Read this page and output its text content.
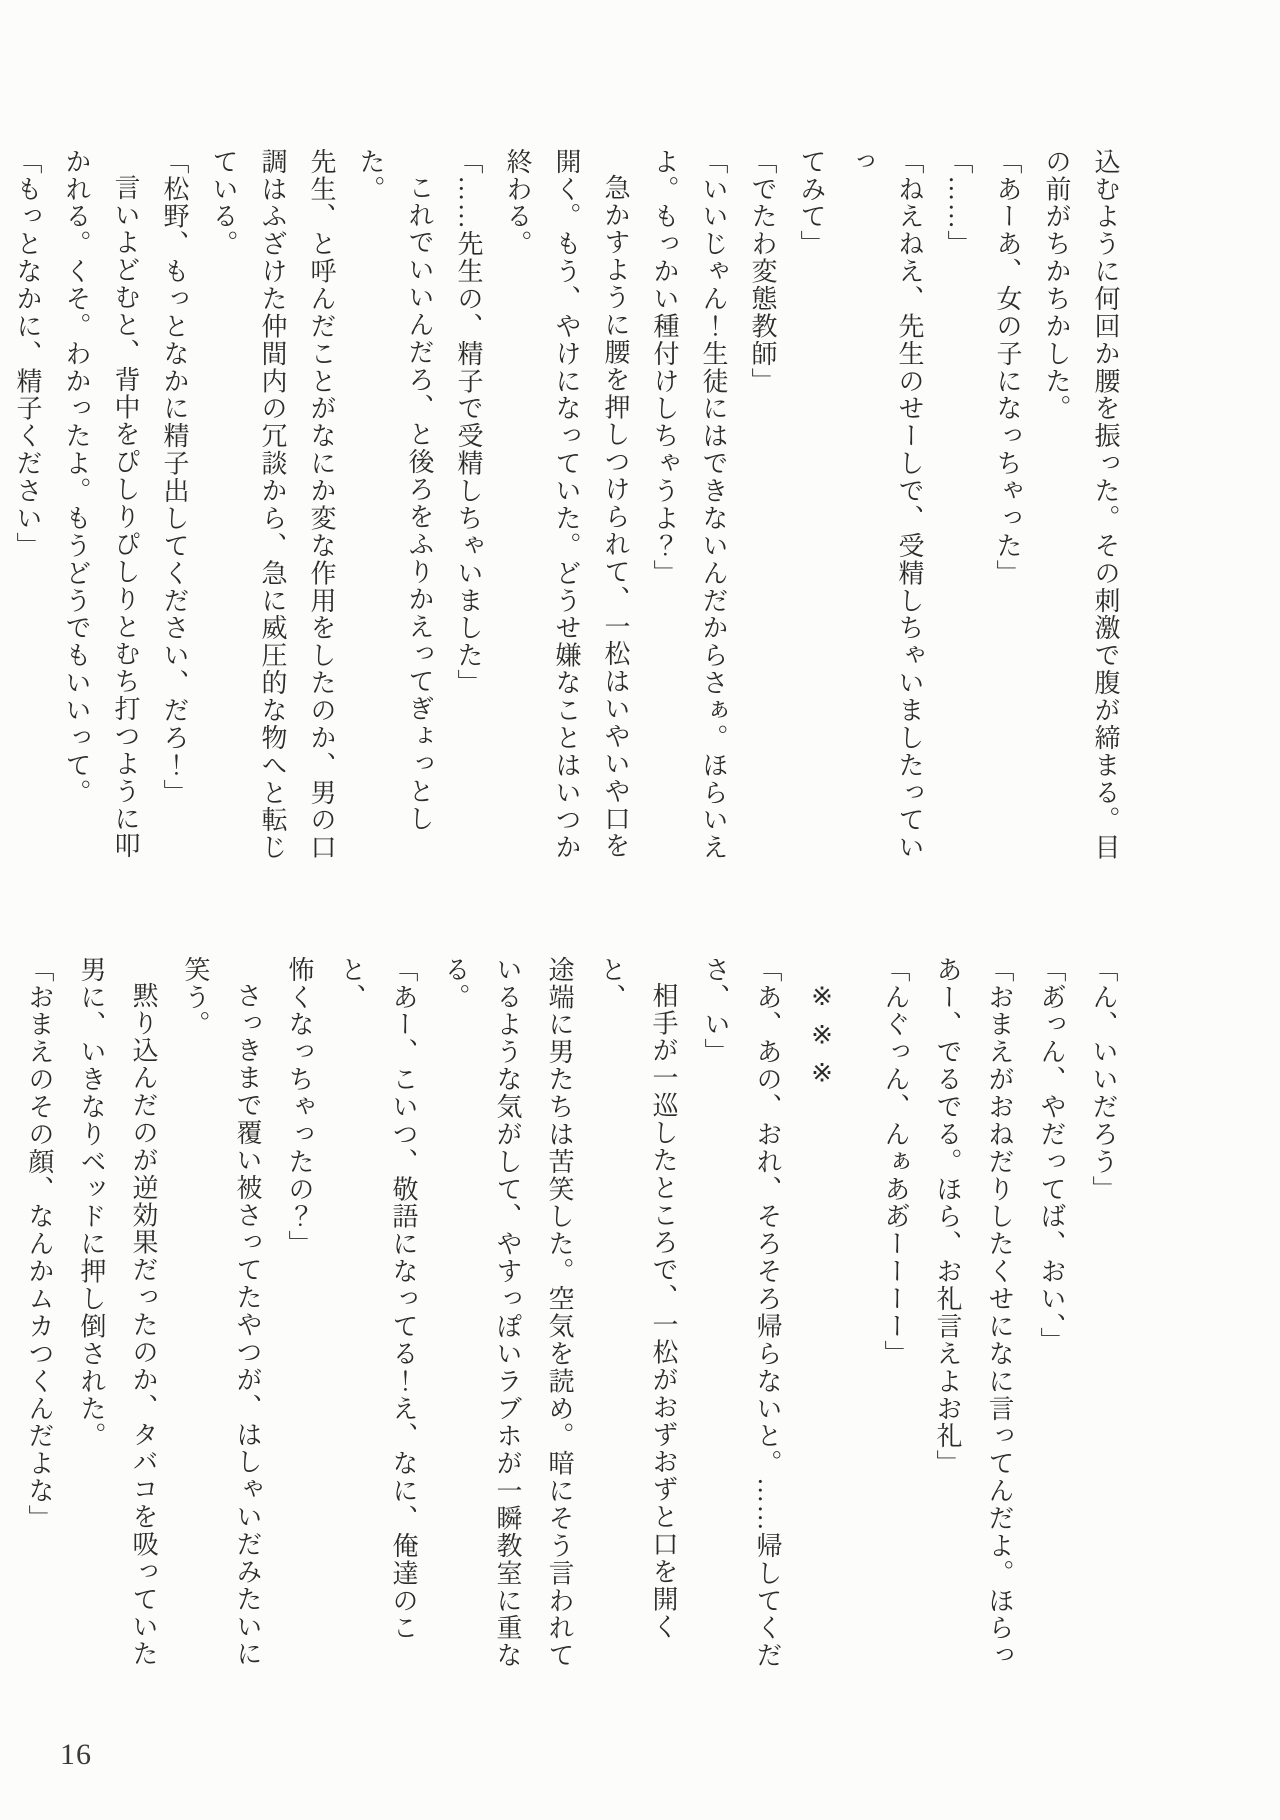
込むように何回か腰を振った。その刺激で腹が締まる。目

の前がちかちかした。

「あーあ、女の子になっちゃった」

「……」

「ねえねえ、先生のせーしで、受精しちゃいましたっていっ

てみて」

「でたわ変態教師」

「いいじゃん！生徒にはできないんだからさぁ。ほらいえ

よ。もっかい種付けしちゃうよ？」

急かすように腰を押しつけられて、一松はいやいや口を

開く。もう、やけになっていた。どうせ嫌なことはいつか

終わる。

「……先生の、精子で受精しちゃいました」

これでいいんだろ、と後ろをふりかえってぎょっとした。

先生、と呼んだことがなにか変な作用をしたのか、男の口

調はふざけた仲間内の冗談から、急に威圧的な物へと転じ

ている。

「松野、もっとなかに精子出してください、だろ！」

言いよどむと、背中をぴしりぴしりとむち打つように叩

かれる。くそ。わかったよ。もうどうでもいいって。

「もっとなかに、精子ください」

「ん、いいだろう」

「あ゙っん、やだってば、おい、」

「おまえがおねだりしたくせになに言ってんだよ。ほらっ

あー、でるでる。ほら、お礼言えよお礼」

「んぐっん、んぁああ゙ーーーー」

※※※

「あ、あの、おれ、そろそろ帰らないと。……帰してくだ

さ、い」

相手が一巡したところで、一松がおずおずと口を開くと、

途端に男たちは苦笑した。空気を読め。暗にそう言われて

いるような気がして、やすっぽいラブホが一瞬教室に重な

る。

「あー、こいつ、敬語になってる！え、なに、俺達のこと、

怖くなっちゃったの？」

さっきまで覆い被さってたやつが、はしゃいだみたいに

笑う。

黙り込んだのが逆効果だったのか、タバコを吸っていた

男に、いきなりベッドに押し倒された。

「おまえのその顔、なんかムカつくんだよな」

16
